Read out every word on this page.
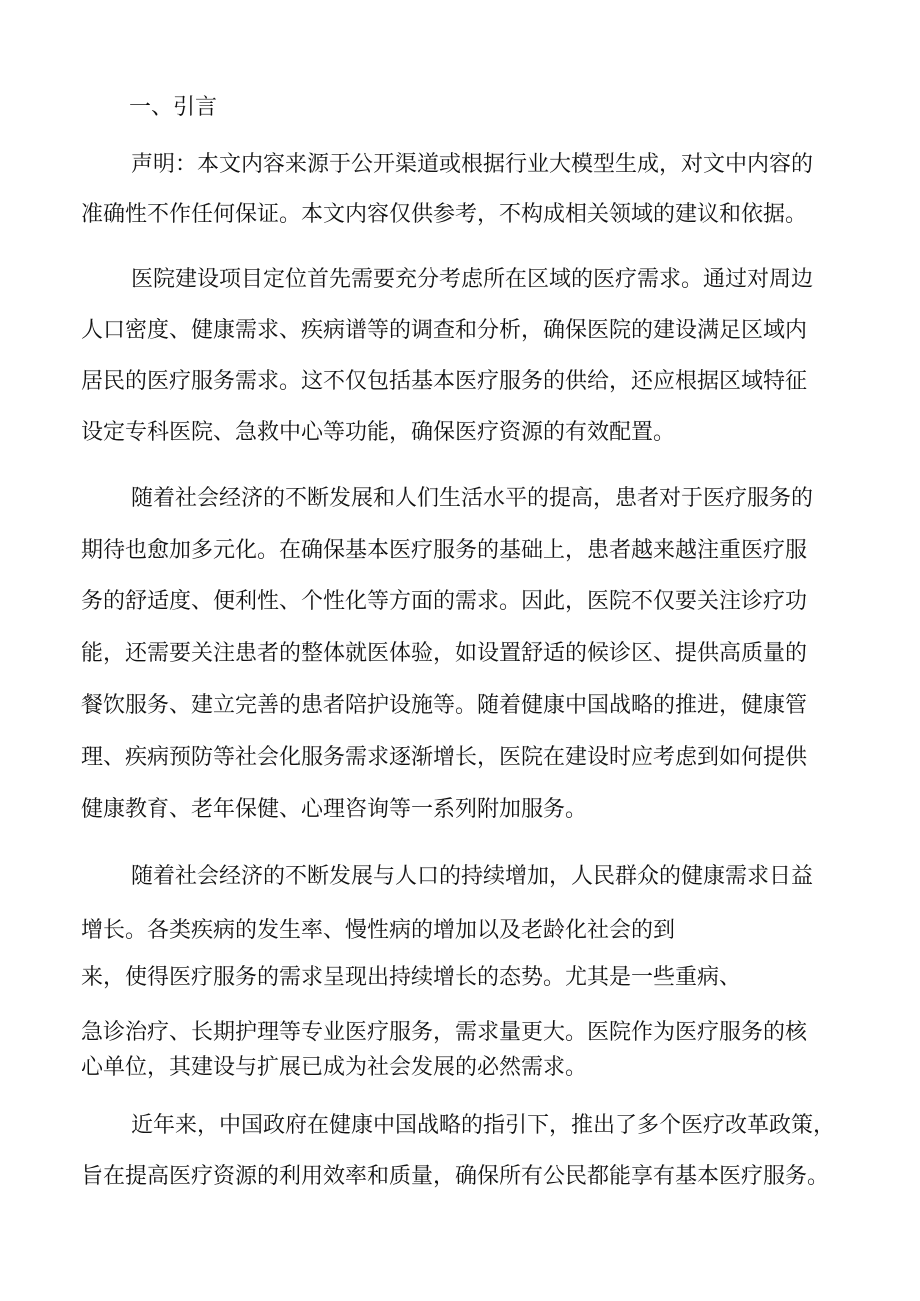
一、引言

声明：本文内容来源于公开渠道或根据行业大模型生成，对文中内容的

准确性不作任何保证。本文内容仅供参考，不构成相关领域的建议和依据。

医院建设项目定位首先需要充分考虑所在区域的医疗需求。通过对周边

人口密度、健康需求、疾病谱等的调查和分析，确保医院的建设满足区域内

居民的医疗服务需求。这不仅包括基本医疗服务的供给，还应根据区域特征

设定专科医院、急救中心等功能，确保医疗资源的有效配置。

随着社会经济的不断发展和人们生活水平的提高，患者对于医疗服务的

期待也愈加多元化。在确保基本医疗服务的基础上，患者越来越注重医疗服

务的舒适度、便利性、个性化等方面的需求。因此，医院不仅要关注诊疗功

能，还需要关注患者的整体就医体验，如设置舒适的候诊区、提供高质量的

餐饮服务、建立完善的患者陪护设施等。随着健康中国战略的推进，健康管

理、疾病预防等社会化服务需求逐渐增长，医院在建设时应考虑到如何提供

健康教育、老年保健、心理咨询等一系列附加服务。

随着社会经济的不断发展与人口的持续增加，人民群众的健康需求日益

增长。各类疾病的发生率、慢性病的增加以及老龄化社会的到

来，使得医疗服务的需求呈现出持续增长的态势。尤其是一些重病、

急诊治疗、长期护理等专业医疗服务，需求量更大。医院作为医疗服务的核

心单位，其建设与扩展已成为社会发展的必然需求。

近年来，中国政府在健康中国战略的指引下，推出了多个医疗改革政策，

旨在提高医疗资源的利用效率和质量，确保所有公民都能享有基本医疗服务。
